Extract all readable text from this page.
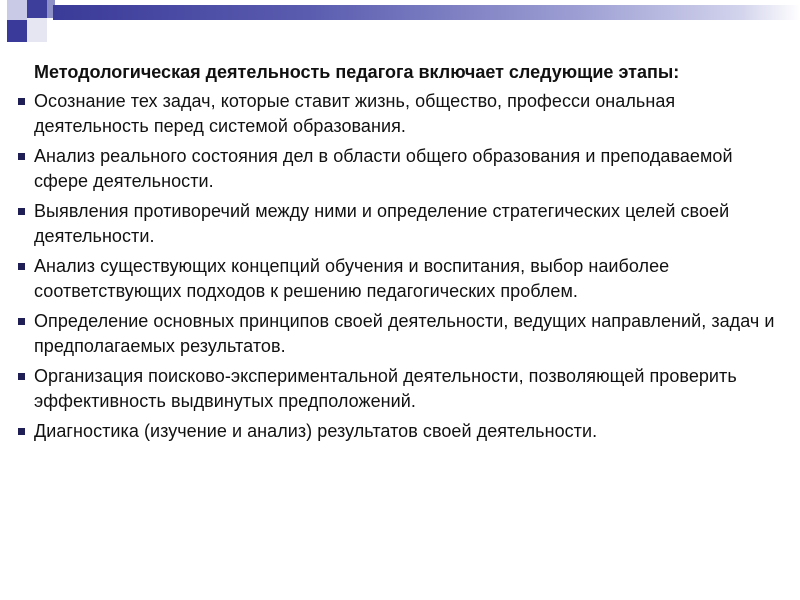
Методологическая деятельность педагога включает следующие этапы:
Осознание тех задач, которые ставит жизнь, общество, професси ональная деятельность перед системой образования.
Анализ реального состояния дел в области общего образования и преподаваемой сфере деятельности.
Выявления противоречий между ними и определение стратегических целей своей деятельности.
Анализ существующих концепций обучения и воспитания, выбор наиболее соответствующих подходов к решению педагогических проблем.
Определение основных принципов своей деятельности, ведущих направлений, задач и предполагаемых результатов.
Организация поисково-экспериментальной деятельности, позволяющей проверить эффективность выдвинутых предположений.
Диагностика (изучение и анализ) результатов своей деятельности.
